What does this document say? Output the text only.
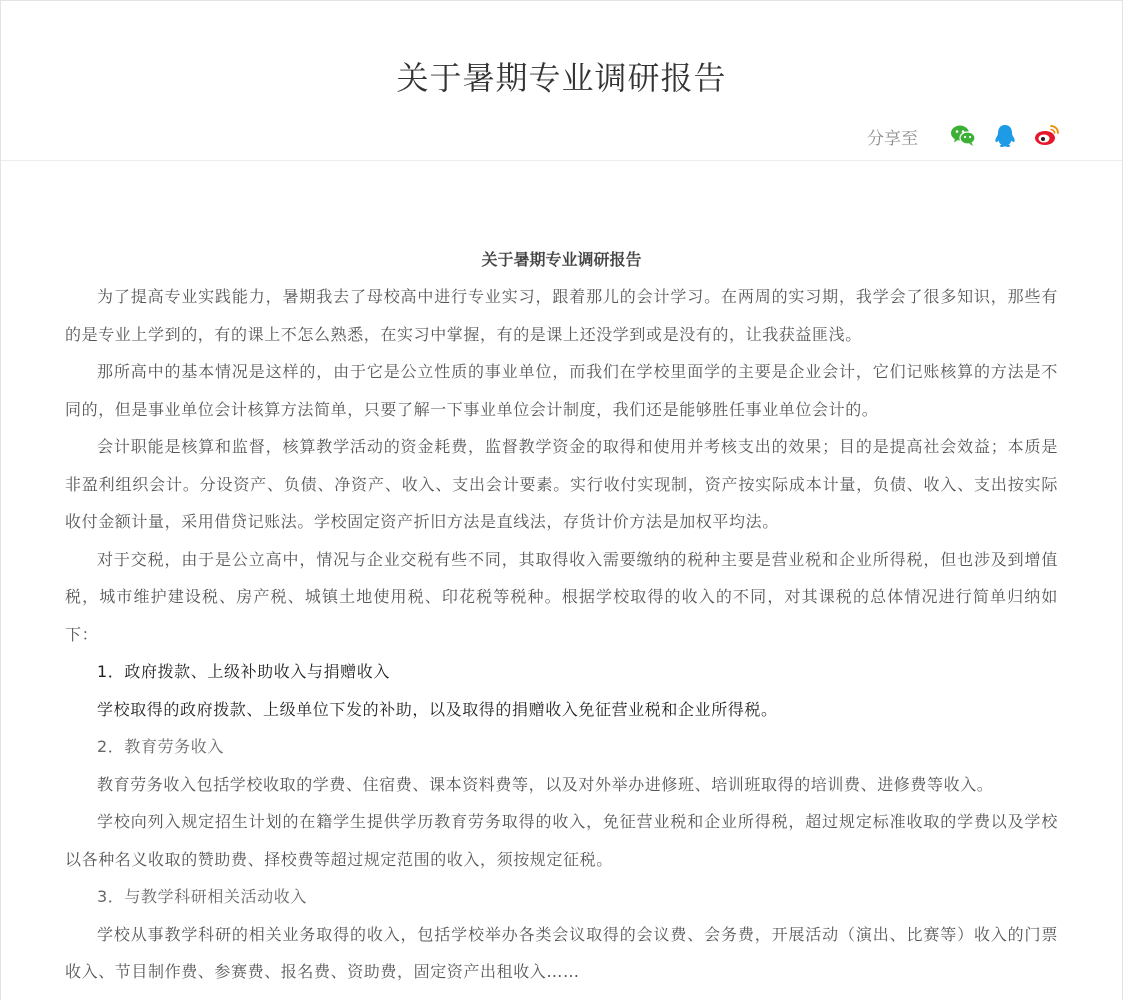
关于暑期专业调研报告
分享至

关于暑期专业调研报告

为了提高专业实践能力，暑期我去了母校高中进行专业实习，跟着那儿的会计学习。在两周的实习期，我学会了很多知识，那些有的是专业上学到的，有的课上不怎么熟悉，在实习中掌握，有的是课上还没学到或是没有的，让我获益匪浅。

那所高中的基本情况是这样的，由于它是公立性质的事业单位，而我们在学校里面学的主要是企业会计，它们记账核算的方法是不同的，但是事业单位会计核算方法简单，只要了解一下事业单位会计制度，我们还是能够胜任事业单位会计的。

会计职能是核算和监督，核算教学活动的资金耗费，监督教学资金的取得和使用并考核支出的效果；目的是提高社会效益；本质是非盈利组织会计。分设资产、负债、净资产、收入、支出会计要素。实行收付实现制，资产按实际成本计量，负债、收入、支出按实际收付金额计量，采用借贷记账法。学校固定资产折旧方法是直线法，存货计价方法是加权平均法。

对于交税，由于是公立高中，情况与企业交税有些不同，其取得收入需要缴纳的税种主要是营业税和企业所得税，但也涉及到增值税，城市维护建设税、房产税、城镇土地使用税、印花税等税种。根据学校取得的收入的不同，对其课税的总体情况进行简单归纳如下：

1．政府拨款、上级补助收入与捐赠收入

学校取得的政府拨款、上级单位下发的补助，以及取得的捐赠收入免征营业税和企业所得税。

2．教育劳务收入

教育劳务收入包括学校收取的学费、住宿费、课本资料费等，以及对外举办进修班、培训班取得的培训费、进修费等收入。

学校向列入规定招生计划的在籍学生提供学历教育劳务取得的收入，免征营业税和企业所得税，超过规定标准收取的学费以及学校以各种名义收取的赞助费、择校费等超过规定范围的收入，须按规定征税。

3．与教学科研相关活动收入

学校从事教学科研的相关业务取得的收入，包括学校举办各类会议取得的会议费、会务费，开展活动（演出、比赛等）收入的门票收入、节目制作费、参赛费、报名费、资助费，固定资产出租收入……
